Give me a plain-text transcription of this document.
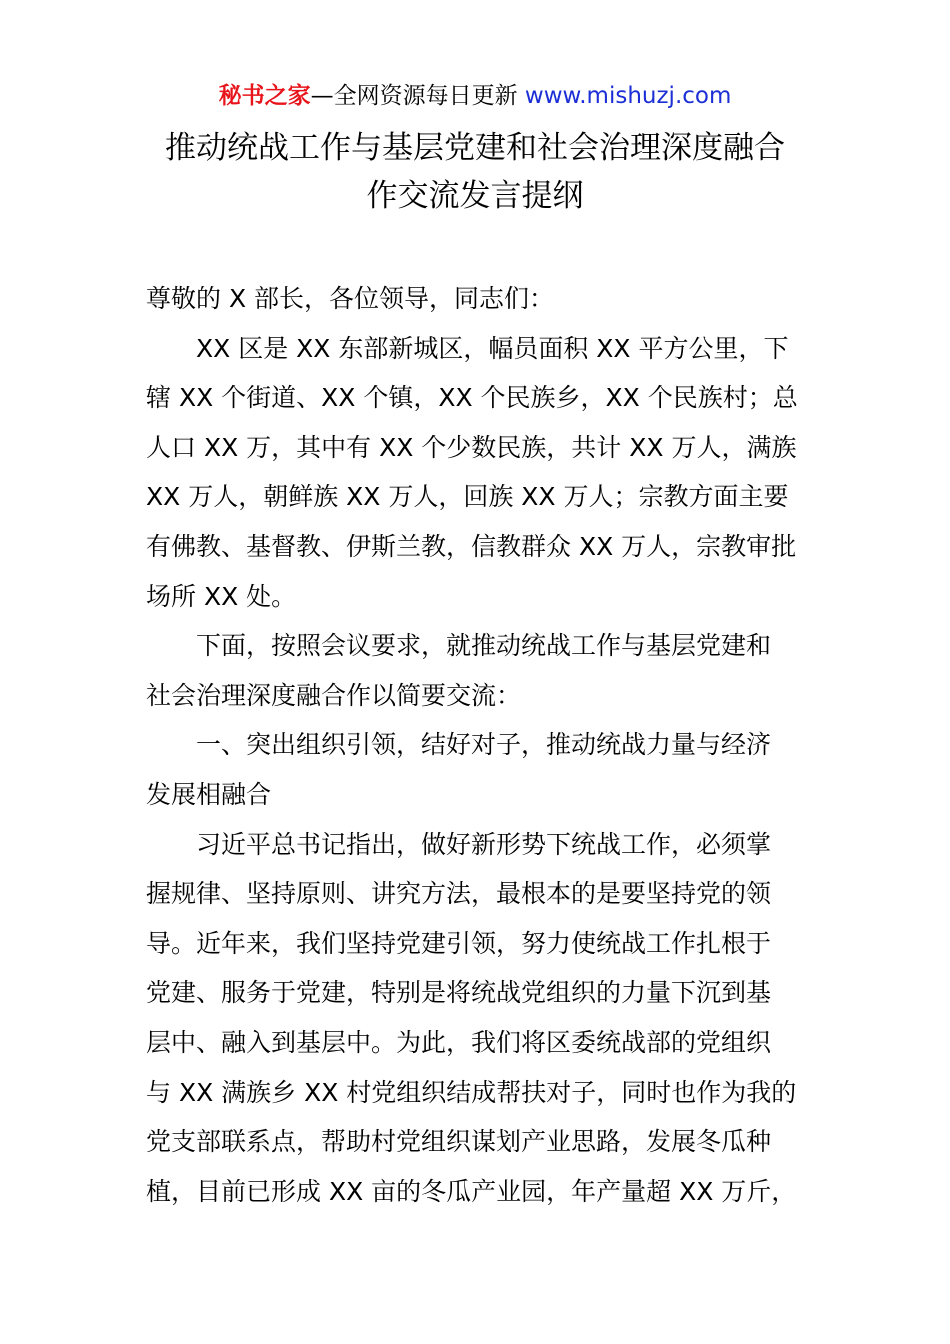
秘书之家—全网资源每日更新 www.mishuzj.com
推动统战工作与基层党建和社会治理深度融合
作交流发言提纲
尊敬的 X 部长，各位领导，同志们：
XX 区是 XX 东部新城区，幅员面积 XX 平方公里，下
辖 XX 个街道、XX 个镇，XX 个民族乡，XX 个民族村；总
人口 XX 万，其中有 XX 个少数民族，共计 XX 万人，满族
XX 万人，朝鲜族 XX 万人，回族 XX 万人；宗教方面主要
有佛教、基督教、伊斯兰教，信教群众 XX 万人，宗教审批
场所 XX 处。
下面，按照会议要求，就推动统战工作与基层党建和
社会治理深度融合作以简要交流：
一、突出组织引领，结好对子，推动统战力量与经济
发展相融合
习近平总书记指出，做好新形势下统战工作，必须掌
握规律、坚持原则、讲究方法，最根本的是要坚持党的领
导。近年来，我们坚持党建引领，努力使统战工作扎根于
党建、服务于党建，特别是将统战党组织的力量下沉到基
层中、融入到基层中。为此，我们将区委统战部的党组织
与 XX 满族乡 XX 村党组织结成帮扶对子，同时也作为我的
党支部联系点，帮助村党组织谋划产业思路，发展冬瓜种
植，目前已形成 XX 亩的冬瓜产业园，年产量超 XX 万斤，
